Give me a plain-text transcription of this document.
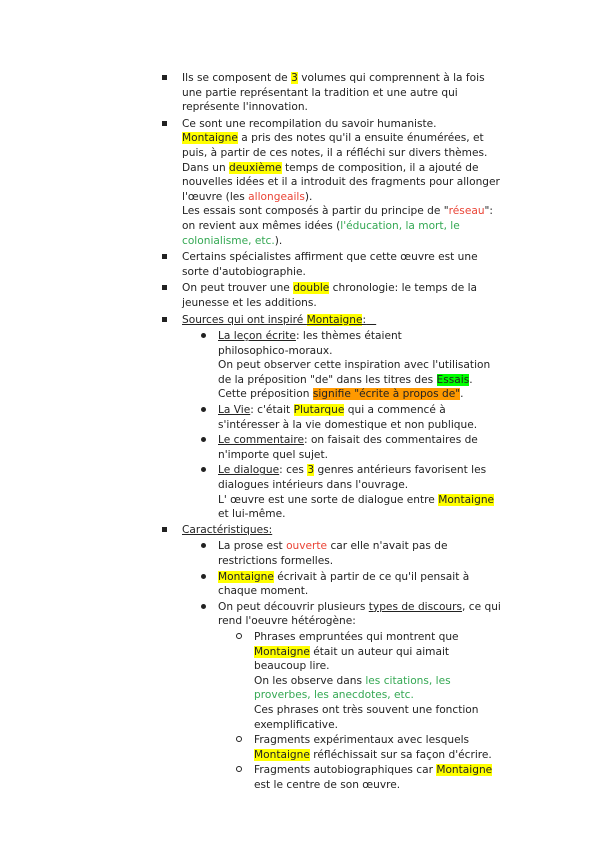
Ils se composent de 3 volumes qui comprennent à la fois
une partie représentant la tradition et une autre qui
représente l'innovation.
Ce sont une recompilation du savoir humaniste.
Montaigne a pris des notes qu'il a ensuite énumérées, et
puis, à partir de ces notes, il a réfléchi sur divers thèmes.
Dans un deuxième temps de composition, il a ajouté de
nouvelles idées et il a introduit des fragments pour allonger
l'œuvre (les allongeails).
Les essais sont composés à partir du principe de "réseau":
on revient aux mêmes idées (l'éducation, la mort, le
colonialisme, etc.).
Certains spécialistes affirment que cette œuvre est une
sorte d'autobiographie.
On peut trouver une double chronologie: le temps de la
jeunesse et les additions.
Sources qui ont inspiré Montaigne:
La leçon écrite: les thèmes étaient
philosophico-moraux.
On peut observer cette inspiration avec l'utilisation
de la préposition "de" dans les titres des Essais.
Cette préposition signifie "écrite à propos de".
La Vie: c'était Plutarque qui a commencé à
s'intéresser à la vie domestique et non publique.
Le commentaire: on faisait des commentaires de
n'importe quel sujet.
Le dialogue: ces 3 genres antérieurs favorisent les
dialogues intérieurs dans l'ouvrage.
L' œuvre est une sorte de dialogue entre Montaigne
et lui-même.
Caractéristiques:
La prose est ouverte car elle n'avait pas de
restrictions formelles.
Montaigne écrivait à partir de ce qu'il pensait à
chaque moment.
On peut découvrir plusieurs types de discours, ce qui
rend l'oeuvre hétérogène:
Phrases empruntées qui montrent que
Montaigne était un auteur qui aimait
beaucoup lire.
On les observe dans les citations, les
proverbes, les anecdotes, etc.
Ces phrases ont très souvent une fonction
exemplificative.
Fragments expérimentaux avec lesquels
Montaigne réfléchissait sur sa façon d'écrire.
Fragments autobiographiques car Montaigne
est le centre de son œuvre.
